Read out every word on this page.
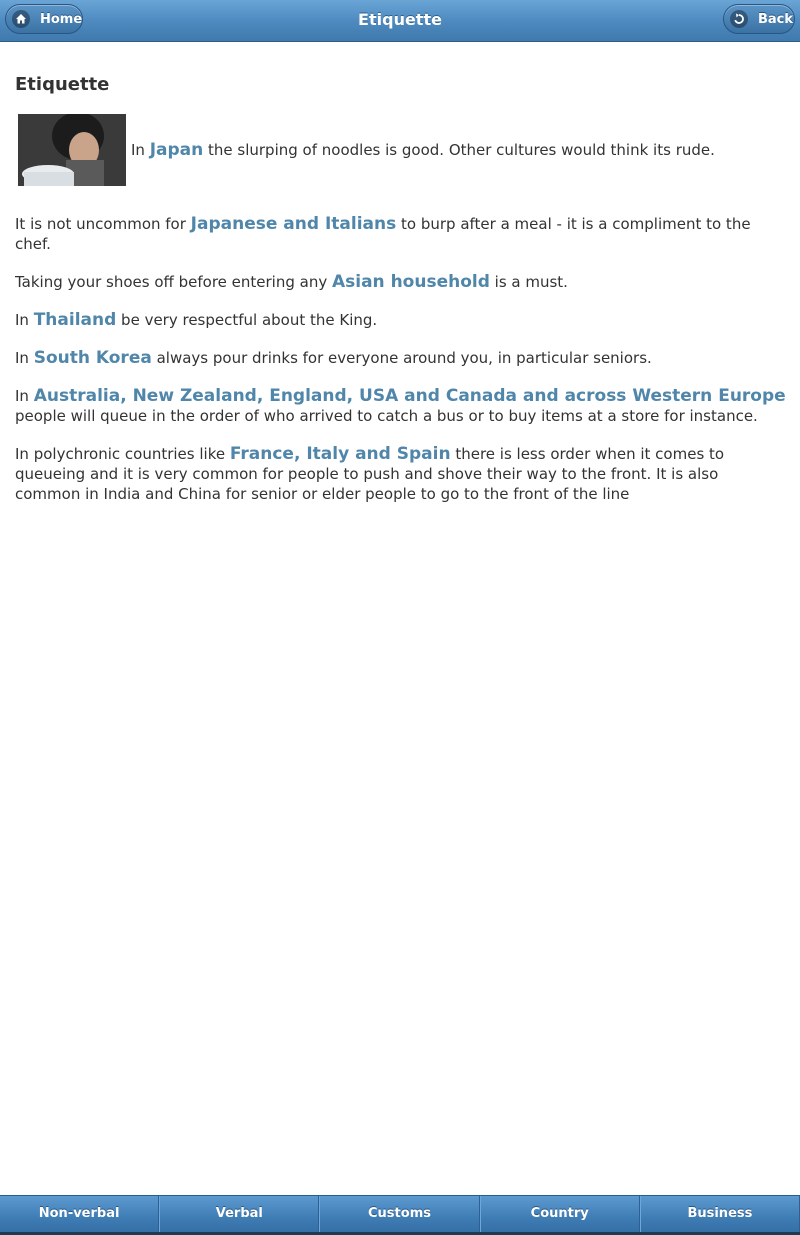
Home	Etiquette	Back
Etiquette
In Japan the slurping of noodles is good. Other cultures would think its rude.
It is not uncommon for Japanese and Italians to burp after a meal - it is a compliment to the chef.
Taking your shoes off before entering any Asian household is a must.
In Thailand be very respectful about the King.
In South Korea always pour drinks for everyone around you, in particular seniors.
In Australia, New Zealand, England, USA and Canada and across Western Europe people will queue in the order of who arrived to catch a bus or to buy items at a store for instance.
In polychronic countries like France, Italy and Spain there is less order when it comes to queueing and it is very common for people to push and shove their way to the front. It is also common in India and China for senior or elder people to go to the front of the line
Non-verbal	Verbal	Customs	Country	Business
